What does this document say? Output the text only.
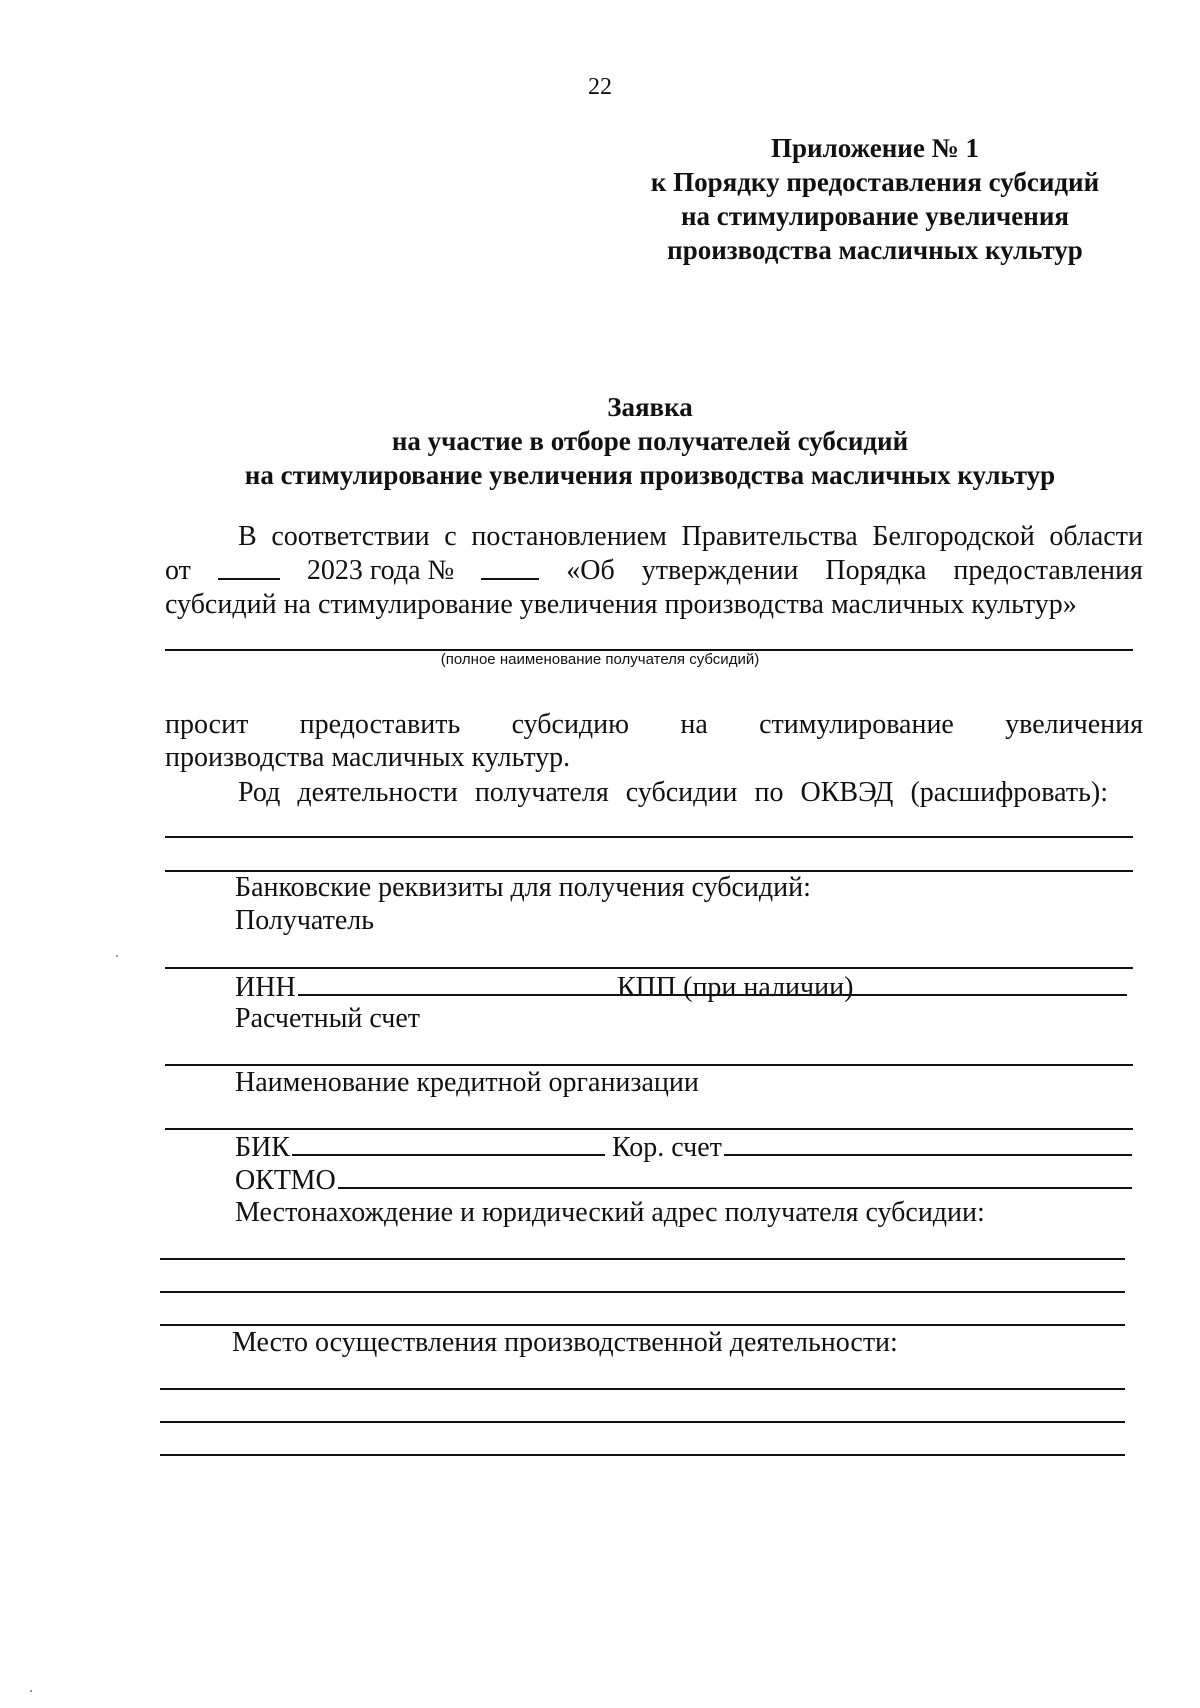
22
Приложение № 1
к Порядку предоставления субсидий
на стимулирование увеличения
производства масличных культур
Заявка
на участие в отборе получателей субсидий
на стимулирование увеличения производства масличных культур
В соответствии с постановлением Правительства Белгородской области
от	2023 года №	«Об утверждении Порядка предоставления
субсидий на стимулирование увеличения производства масличных культур»
(полное наименование получателя субсидий)
просит предоставить субсидию на стимулирование увеличения
производства масличных культур.
Род деятельности получателя субсидии по ОКВЭД (расшифровать):
Банковские реквизиты для получения субсидий:
Получатель
ИНН	КПП (при наличии)
Расчетный счет
Наименование кредитной организации
БИК	Кор. счет
ОКТМО
Местонахождение и юридический адрес получателя субсидии:
Место осуществления производственной деятельности:
